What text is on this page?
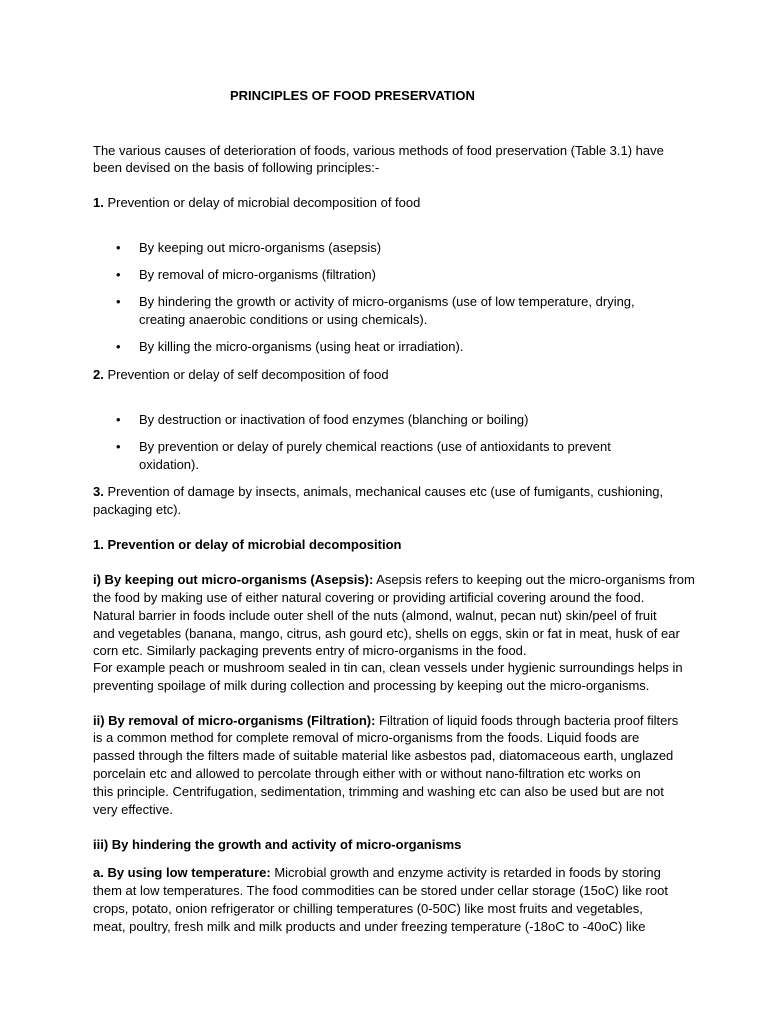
PRINCIPLES OF FOOD PRESERVATION
The various causes of deterioration of foods, various methods of food preservation (Table 3.1) have
been devised on the basis of following principles:-
1. Prevention or delay of microbial decomposition of food
• By keeping out micro-organisms (asepsis)
• By removal of micro-organisms (filtration)
• By hindering the growth or activity of micro-organisms (use of low temperature, drying,
creating anaerobic conditions or using chemicals).
• By killing the micro-organisms (using heat or irradiation).
2. Prevention or delay of self decomposition of food
• By destruction or inactivation of food enzymes (blanching or boiling)
• By prevention or delay of purely chemical reactions (use of antioxidants to prevent
oxidation).
3. Prevention of damage by insects, animals, mechanical causes etc (use of fumigants, cushioning,
packaging etc).
1. Prevention or delay of microbial decomposition
i) By keeping out micro-organisms (Asepsis): Asepsis refers to keeping out the micro-organisms from
the food by making use of either natural covering or providing artificial covering around the food.
Natural barrier in foods include outer shell of the nuts (almond, walnut, pecan nut) skin/peel of fruit
and vegetables (banana, mango, citrus, ash gourd etc), shells on eggs, skin or fat in meat, husk of ear
corn etc. Similarly packaging prevents entry of micro-organisms in the food.
For example peach or mushroom sealed in tin can, clean vessels under hygienic surroundings helps in
preventing spoilage of milk during collection and processing by keeping out the micro-organisms.
ii) By removal of micro-organisms (Filtration): Filtration of liquid foods through bacteria proof filters
is a common method for complete removal of micro-organisms from the foods. Liquid foods are
passed through the filters made of suitable material like asbestos pad, diatomaceous earth, unglazed
porcelain etc and allowed to percolate through either with or without nano-filtration etc works on
this principle. Centrifugation, sedimentation, trimming and washing etc can also be used but are not
very effective.
iii) By hindering the growth and activity of micro-organisms
a. By using low temperature: Microbial growth and enzyme activity is retarded in foods by storing
them at low temperatures. The food commodities can be stored under cellar storage (15oC) like root
crops, potato, onion refrigerator or chilling temperatures (0-50C) like most fruits and vegetables,
meat, poultry, fresh milk and milk products and under freezing temperature (-18oC to -40oC) like
